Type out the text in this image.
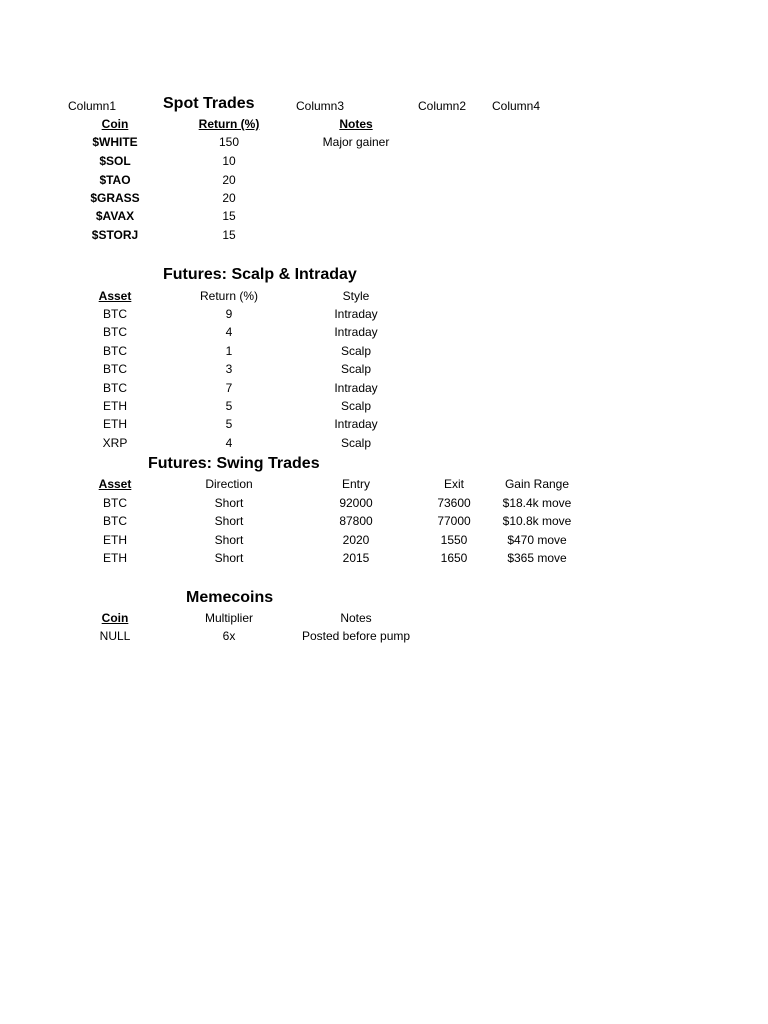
Column1	Spot Trades	Column3	Column2 Column4
Coin	Return (%)	Notes
$WHITE	150	Major gainer
$SOL	10
$TAO	20
$GRASS	20
$AVAX	15
$STORJ	15
Futures: Scalp & Intraday
Asset	Return (%)	Style
BTC	9	Intraday
BTC	4	Intraday
BTC	1	Scalp
BTC	3	Scalp
BTC	7	Intraday
ETH	5	Scalp
ETH	5	Intraday
XRP	4	Scalp
Futures: Swing Trades
Asset	Direction	Entry	Exit	Gain Range
BTC	Short	92000	73600	$18.4k move
BTC	Short	87800	77000	$10.8k move
ETH	Short	2020	1550	$470 move
ETH	Short	2015	1650	$365 move
Memecoins
Coin	Multiplier	Notes
NULL	6x	Posted before pump
